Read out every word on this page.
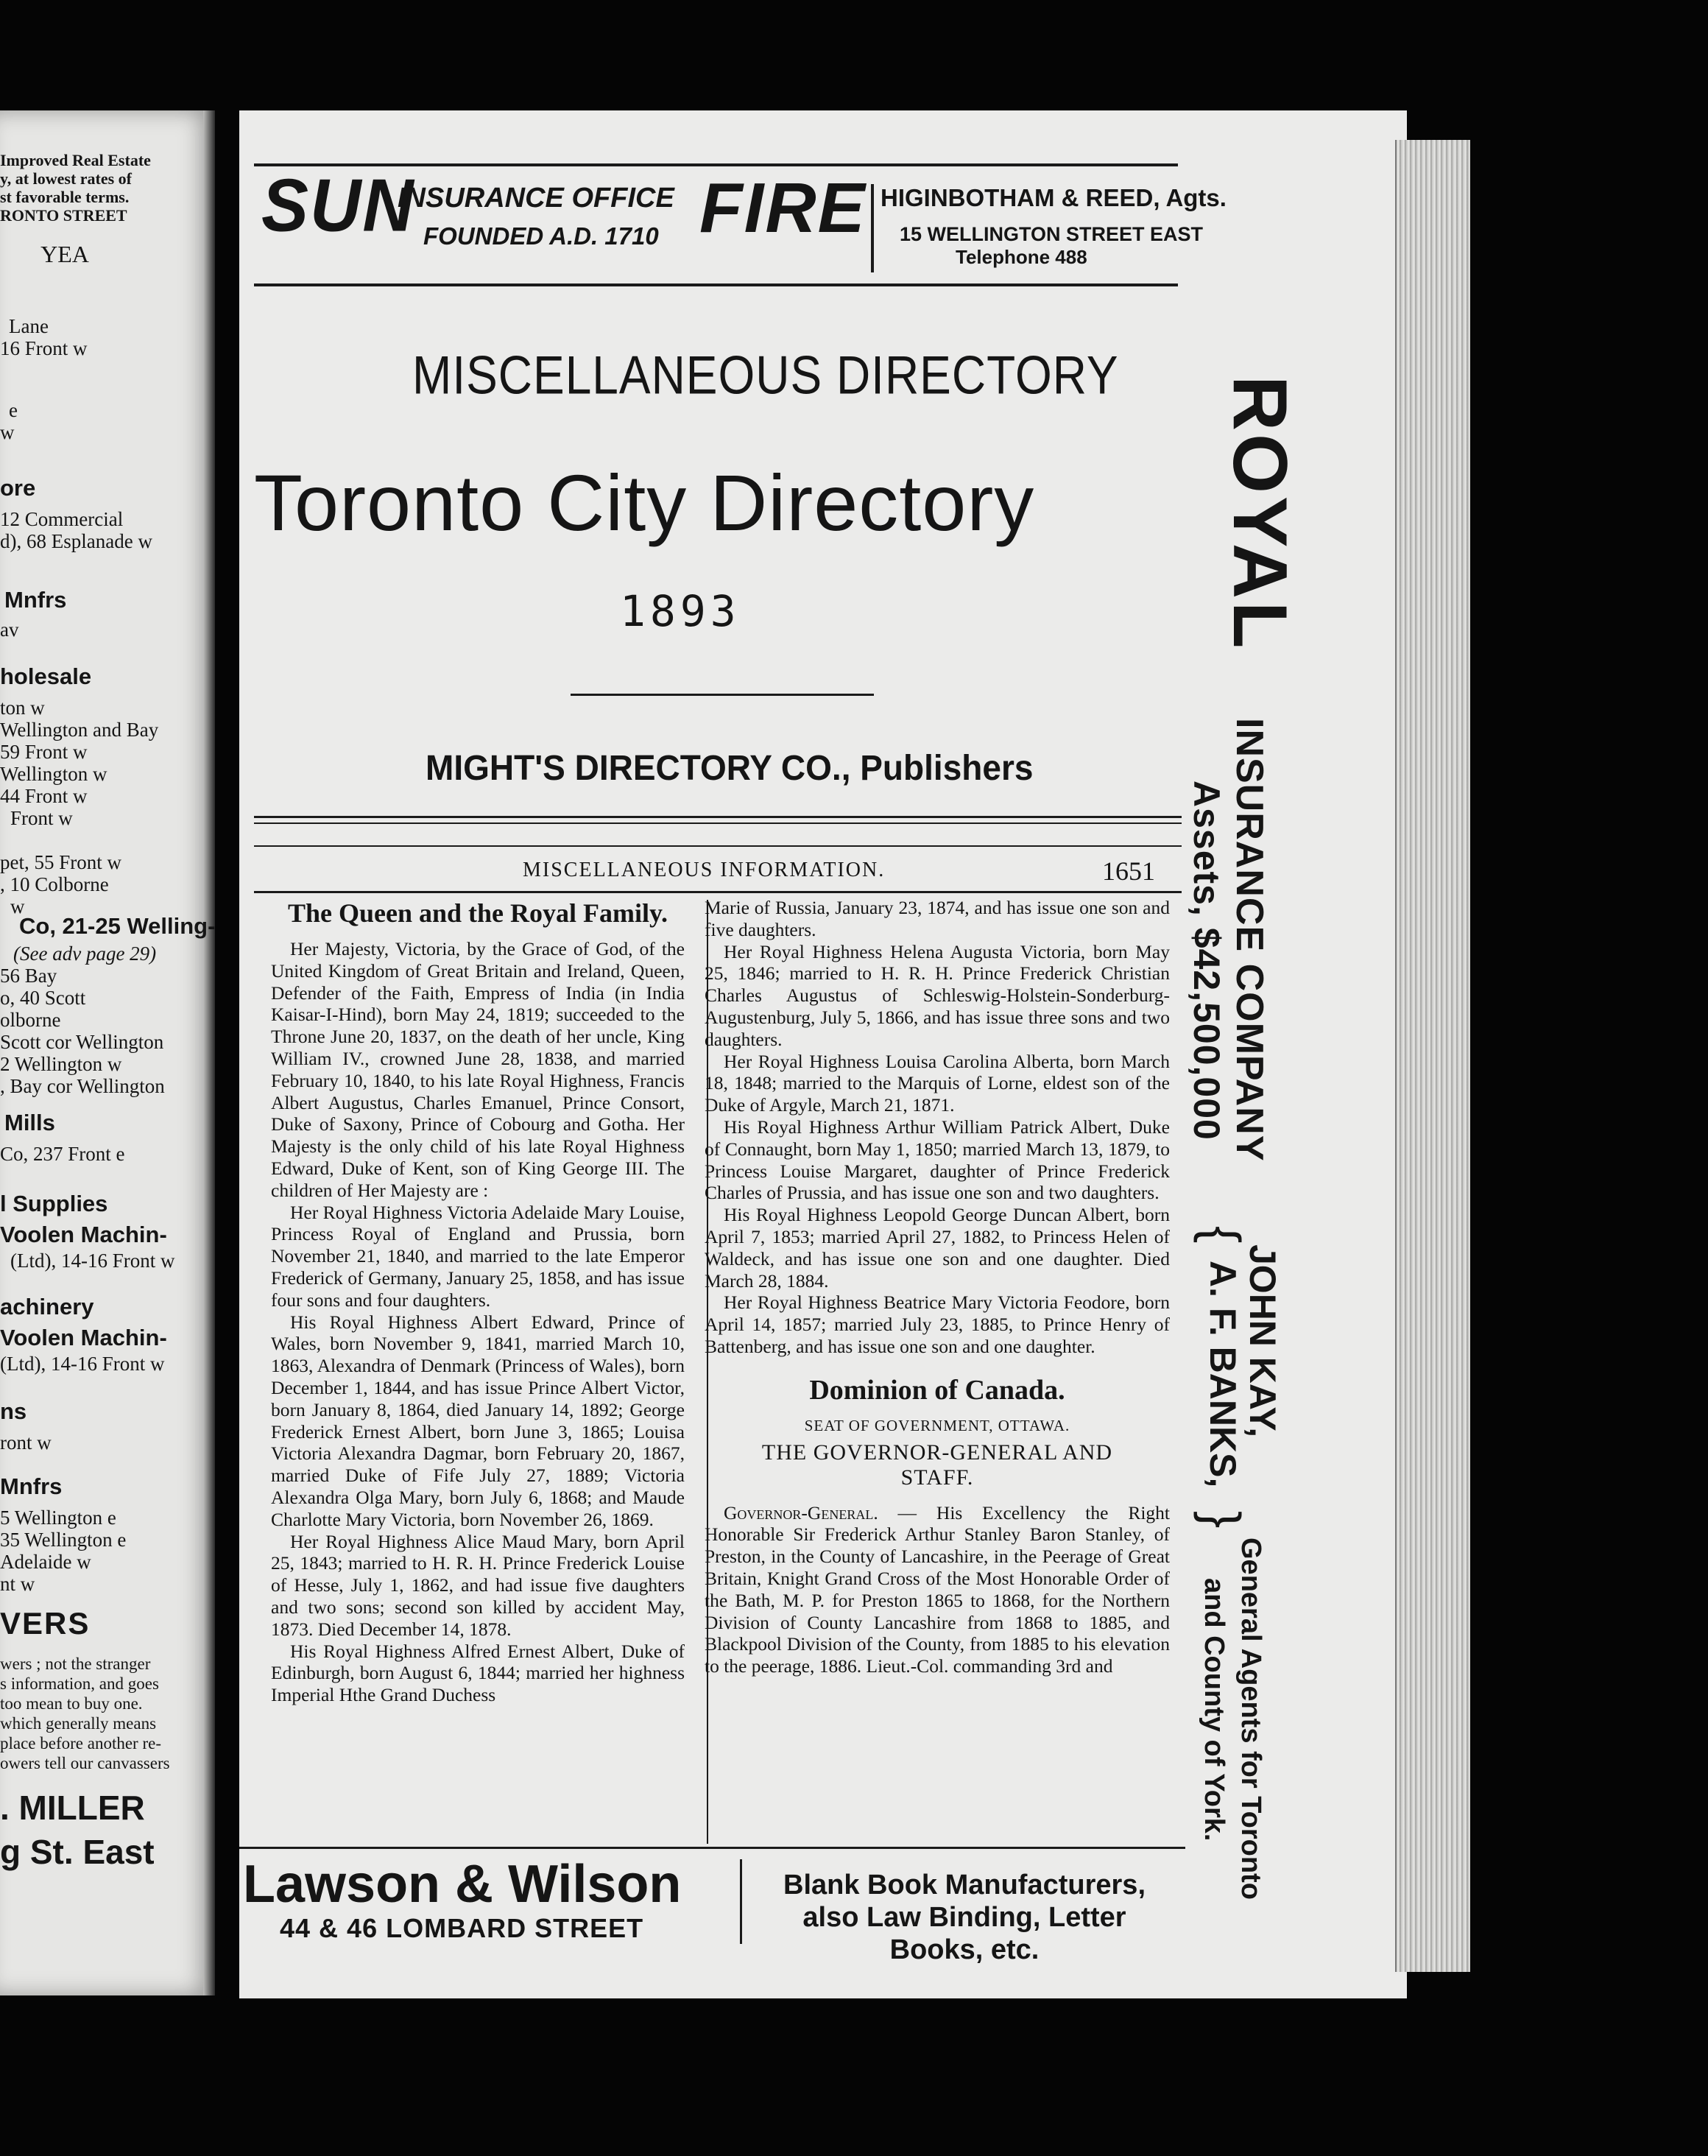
Improved Real Estate
y, at lowest rates of
st favorable terms.
RONTO STREET
YEA
Lane
16 Front w
e
w
ore
12 Commercial
d), 68 Esplanade w
Mnfrs
av
holesale
ton w
Wellington and Bay
59 Front w
Wellington w
44 Front w
Front w
pet, 55 Front w
, 10 Colborne
w
Co, 21-25 Welling-
(See adv page 29)
56 Bay
o, 40 Scott
olborne
Scott cor Wellington
2 Wellington w
, Bay cor Wellington
Mills
Co, 237 Front e
l Supplies
Voolen Machin-
(Ltd), 14-16 Front w
achinery
Voolen Machin-
(Ltd), 14-16 Front w
ns
ront w
Mnfrs
5 Wellington e
35 Wellington e
Adelaide w
nt w
VERS
wers ; not the stranger
s information, and goes
too mean to buy one.
which generally means
place before another re-
owers tell our canvassers
. MILLER
g St. East
SUN
INSURANCE OFFICE
FOUNDED A.D. 1710 FIRE HIGINBOTHAM & REED, Agts.
15 WELLINGTON STREET EAST
Telephone 488
MISCELLANEOUS DIRECTORY
Toronto City Directory
1893
MIGHT'S DIRECTORY CO., Publishers
MISCELLANEOUS INFORMATION.	1651
The Queen and the Royal Family.

Her Majesty, Victoria, by the Grace of God, of the United Kingdom of Great Britain and Ireland, Queen, Defender of the Faith, Empress of India (in India Kaisar-I-Hind), born May 24, 1819; succeeded to the Throne June 20, 1837, on the death of her uncle, King William IV., crowned June 28, 1838, and married February 10, 1840, to his late Royal Highness, Francis Albert Augustus, Charles Emanuel, Prince Consort, Duke of Saxony, Prince of Cobourg and Gotha. Her Majesty is the only child of his late Royal Highness Edward, Duke of Kent, son of King George III. The children of Her Majesty are :

Her Royal Highness Victoria Adelaide Mary Louise, Princess Royal of England and Prussia, born November 21, 1840, and married to the late Emperor Frederick of Germany, January 25, 1858, and has issue four sons and four daughters.

His Royal Highness Albert Edward, Prince of Wales, born November 9, 1841, married March 10, 1863, Alexandra of Denmark (Princess of Wales), born December 1, 1844, and has issue Prince Albert Victor, born January 8, 1864, died January 14, 1892; George Frederick Ernest Albert, born June 3, 1865; Louisa Victoria Alexandra Dagmar, born February 20, 1867, married Duke of Fife July 27, 1889; Victoria Alexandra Olga Mary, born July 6, 1868; and Maude Charlotte Mary Victoria, born November 26, 1869.

Her Royal Highness Alice Maud Mary, born April 25, 1843; married to H. R. H. Prince Frederick Louise of Hesse, July 1, 1862, and had issue five daughters and two sons; second son killed by accident May, 1873. Died December 14, 1878.

His Royal Highness Alfred Ernest Albert, Duke of Edinburgh, born August 6, 1844; married her highness Imperial Hthe Grand Duchess

Marie of Russia, January 23, 1874, and has issue one son and five daughters.

Her Royal Highness Helena Augusta Victoria, born May 25, 1846; married to H. R. H. Prince Frederick Christian Charles Augustus of Schleswig-Holstein-Sonderburg-Augustenburg, July 5, 1866, and has issue three sons and two daughters.

Her Royal Highness Louisa Carolina Alberta, born March 18, 1848; married to the Marquis of Lorne, eldest son of the Duke of Argyle, March 21, 1871.

His Royal Highness Arthur William Patrick Albert, Duke of Connaught, born May 1, 1850; married March 13, 1879, to Princess Louise Margaret, daughter of Prince Frederick Charles of Prussia, and has issue one son and two daughters.

His Royal Highness Leopold George Duncan Albert, born April 7, 1853; married April 27, 1882, to Princess Helen of Waldeck, and has issue one son and one daughter. Died March 28, 1884.

Her Royal Highness Beatrice Mary Victoria Feodore, born April 14, 1857; married July 23, 1885, to Prince Henry of Battenberg, and has issue one son and one daughter.

Dominion of Canada.

SEAT OF GOVERNMENT, OTTAWA.

THE GOVERNOR-GENERAL AND STAFF.

Governor-General. — His Excellency the Right Honorable Sir Frederick Arthur Stanley Baron Stanley, of Preston, in the County of Lancashire, in the Peerage of Great Britain, Knight Grand Cross of the Most Honorable Order of the Bath, M. P. for Preston 1865 to 1868, for the Northern Division of County Lancashire from 1868 to 1885, and Blackpool Division of the County, from 1885 to his elevation to the peerage, 1886. Lieut.-Col. commanding 3rd and

Lawson & Wilson
44 & 46 LOMBARD STREET
Blank Book Manufacturers, also Law Binding, Letter Books, etc.
ROYAL
INSURANCE COMPANY
Assets, $42,500,000
{
JOHN KAY,
A. F. BANKS,
}
General Agents for Toronto
and County of York.
